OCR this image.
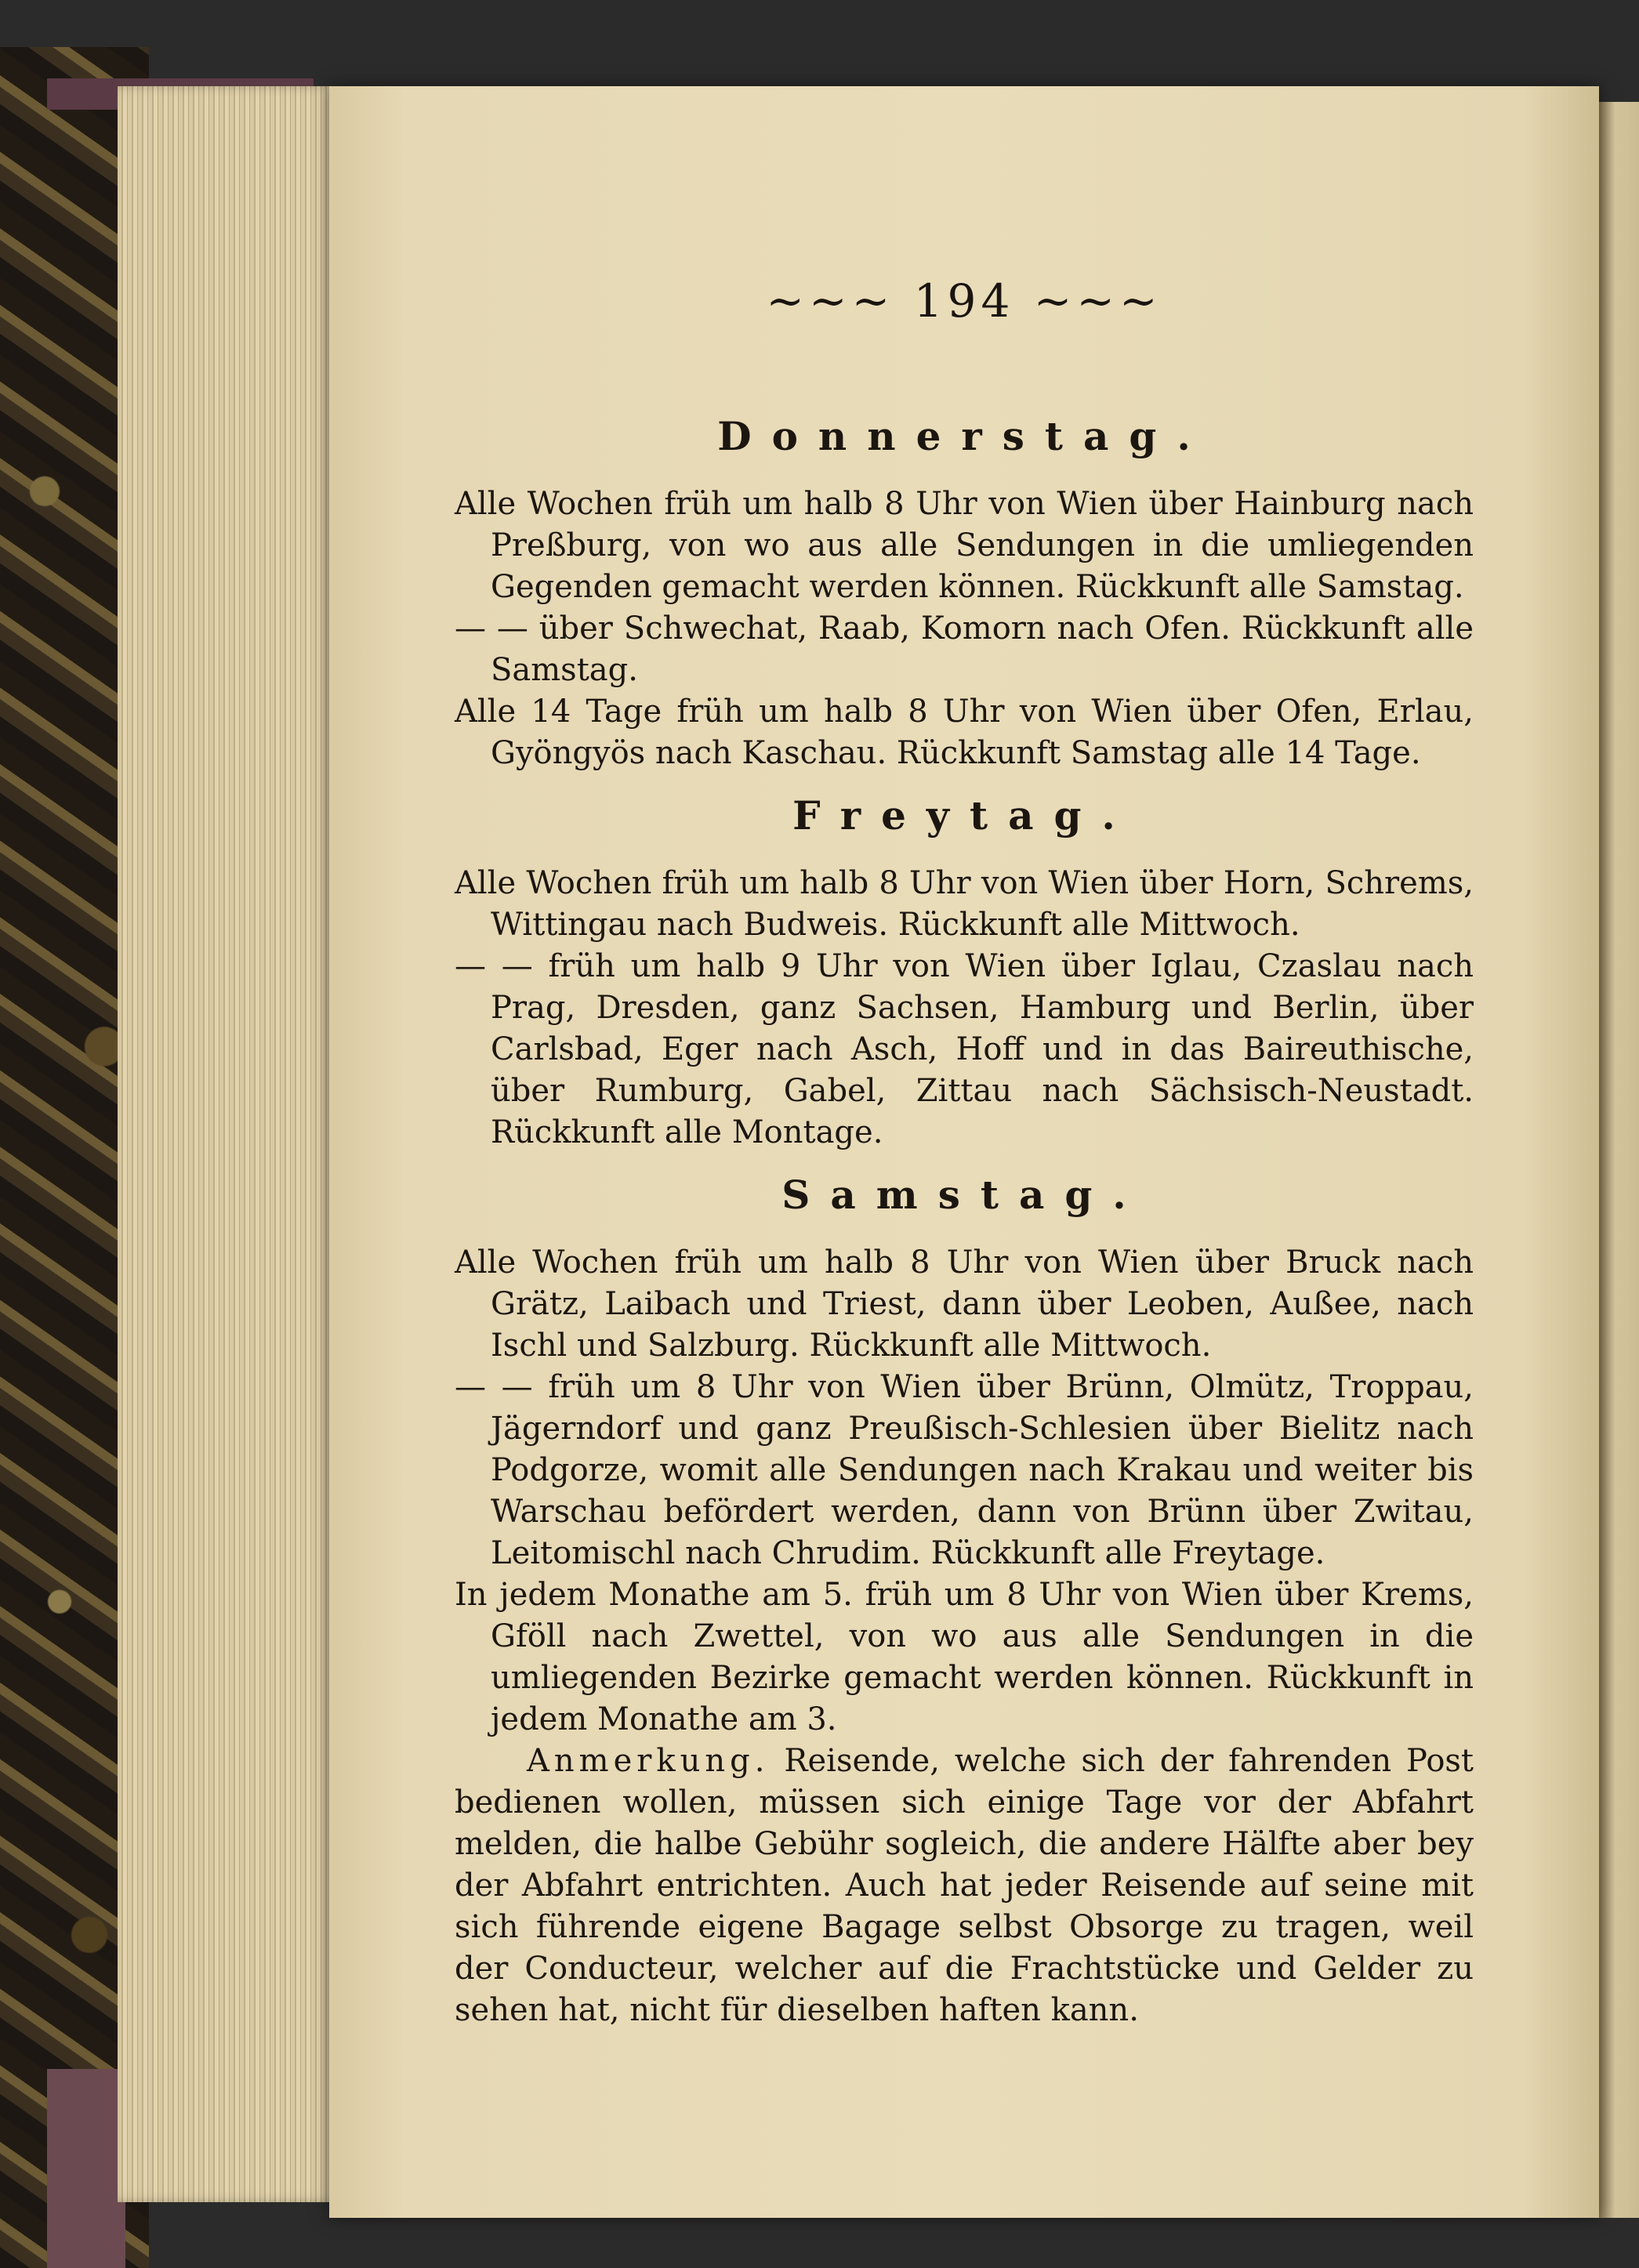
~~~ 194 ~~~
Donnerstag.

Alle Wochen früh um halb 8 Uhr von Wien über Hainburg nach Preßburg, von wo aus alle Sendungen in die umliegenden Gegenden gemacht werden können. Rückkunft alle Samstag.

— — über Schwechat, Raab, Komorn nach Ofen. Rückkunft alle Samstag.

Alle 14 Tage früh um halb 8 Uhr von Wien über Ofen, Erlau, Gyöngyös nach Kaschau. Rückkunft Samstag alle 14 Tage.

Freytag.

Alle Wochen früh um halb 8 Uhr von Wien über Horn, Schrems, Wittingau nach Budweis. Rückkunft alle Mittwoch.

— — früh um halb 9 Uhr von Wien über Iglau, Czaslau nach Prag, Dresden, ganz Sachsen, Hamburg und Berlin, über Carlsbad, Eger nach Asch, Hoff und in das Baireuthische, über Rumburg, Gabel, Zittau nach Sächsisch-Neustadt. Rückkunft alle Montage.

Samstag.

Alle Wochen früh um halb 8 Uhr von Wien über Bruck nach Grätz, Laibach und Triest, dann über Leoben, Außee, nach Ischl und Salzburg. Rückkunft alle Mittwoch.

— — früh um 8 Uhr von Wien über Brünn, Olmütz, Troppau, Jägerndorf und ganz Preußisch-Schlesien über Bielitz nach Podgorze, womit alle Sendungen nach Krakau und weiter bis Warschau befördert werden, dann von Brünn über Zwitau, Leitomischl nach Chrudim. Rückkunft alle Freytage.

In jedem Monathe am 5. früh um 8 Uhr von Wien über Krems, Gföll nach Zwettel, von wo aus alle Sendungen in die umliegenden Bezirke gemacht werden können. Rückkunft in jedem Monathe am 3.

Anmerkung. Reisende, welche sich der fahrenden Post bedienen wollen, müssen sich einige Tage vor der Abfahrt melden, die halbe Gebühr sogleich, die andere Hälfte aber bey der Abfahrt entrichten. Auch hat jeder Reisende auf seine mit sich führende eigene Bagage selbst Obsorge zu tragen, weil der Conducteur, welcher auf die Frachtstücke und Gelder zu sehen hat, nicht für dieselben haften kann.
